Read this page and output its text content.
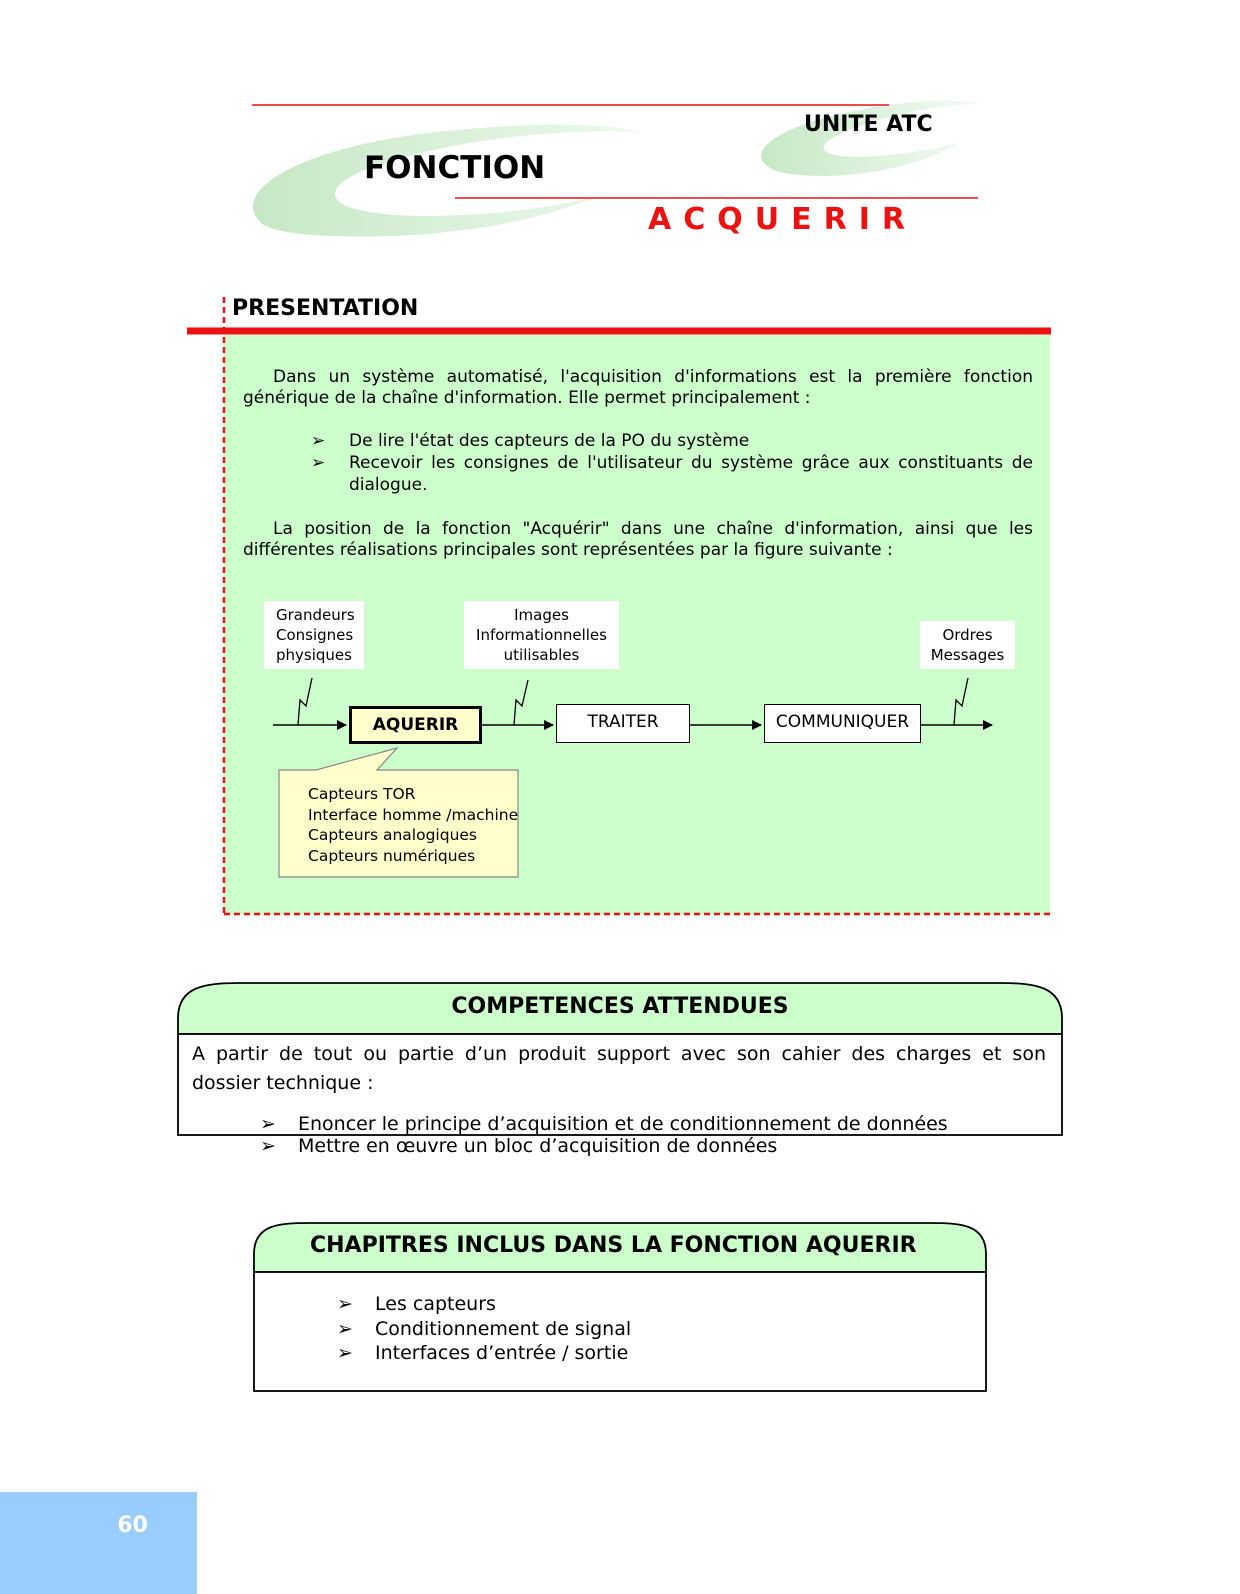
UNITE ATC
FONCTION
ACQUERIR
PRESENTATION
Dans un système automatisé, l'acquisition d'informations est la première fonction générique de la chaîne d'information. Elle permet principalement :
➢ De lire l'état des capteurs de la PO du système
➢ Recevoir les consignes de l'utilisateur du système grâce aux constituants de dialogue.
La position de la fonction "Acquérir" dans une chaîne d'information, ainsi que les différentes réalisations principales sont représentées par la figure suivante :
Grandeurs
Consignes
physiques
Images
Informationnelles
utilisables
Ordres
Messages
AQUERIR	TRAITER	COMMUNIQUER
Capteurs TOR
Interface homme /machine
Capteurs analogiques
Capteurs numériques
COMPETENCES ATTENDUES
A partir de tout ou partie d’un produit support avec son cahier des charges et son dossier technique :
➢ Enoncer le principe d’acquisition et de conditionnement de données
➢ Mettre en œuvre un bloc d’acquisition de données
CHAPITRES INCLUS DANS LA FONCTION AQUERIR
➢ Les capteurs
➢ Conditionnement de signal
➢ Interfaces d’entrée / sortie
60
